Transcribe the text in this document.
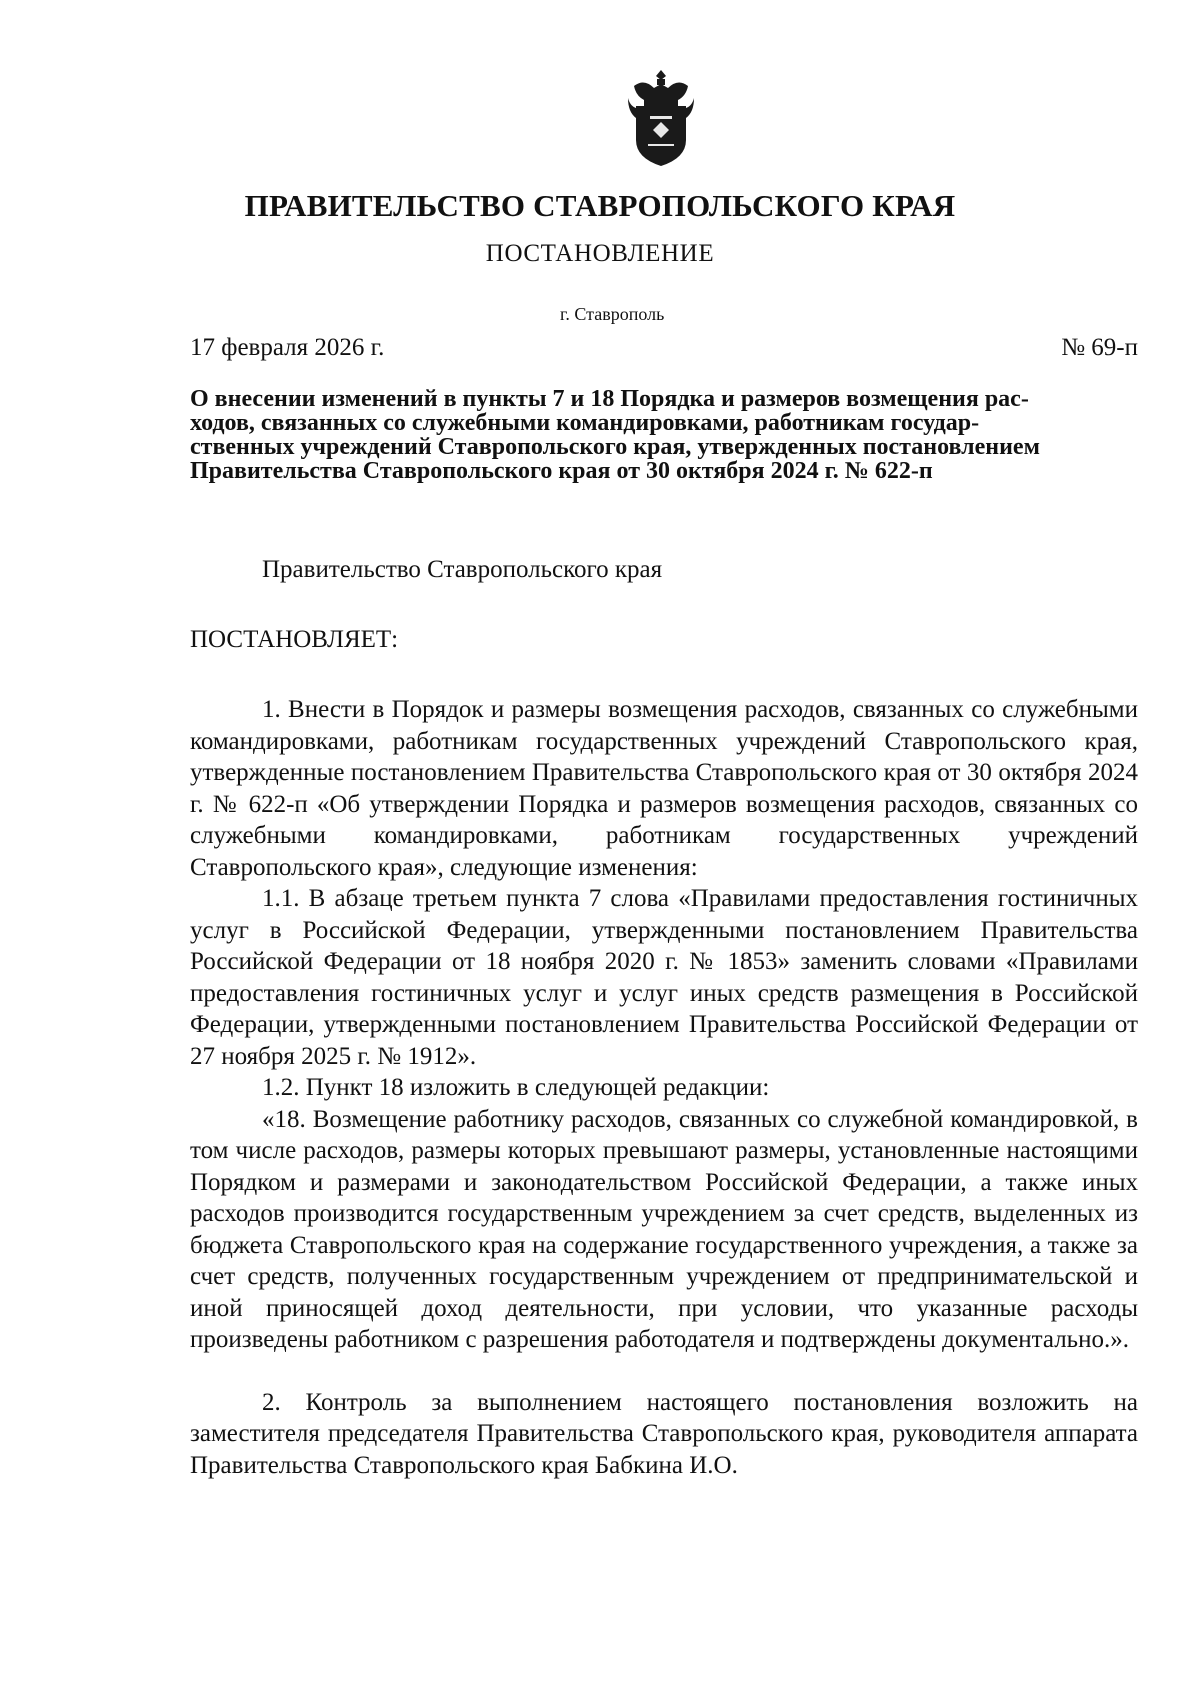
ПРАВИТЕЛЬСТВО СТАВРОПОЛЬСКОГО КРАЯ
ПОСТАНОВЛЕНИЕ
г. Ставрополь
17 февраля 2026 г.	№ 69-п
О внесении изменений в пункты 7 и 18 Порядка и размеров возмещения рас-
ходов, связанных со служебными командировками, работникам государ-
ственных учреждений Ставропольского края, утвержденных постановлением
Правительства Ставропольского края от 30 октября 2024 г. № 622-п
Правительство Ставропольского края
ПОСТАНОВЛЯЕТ:

1. Внести в Порядок и размеры возмещения расходов, связанных со служебными командировками, работникам государственных учреждений Ставропольского края, утвержденные постановлением Правительства Ставропольского края от 30 октября 2024 г. № 622-п «Об утверждении Порядка и размеров возмещения расходов, связанных со служебными командировками, работникам государственных учреждений Ставропольского края», следующие изменения:

1.1. В абзаце третьем пункта 7 слова «Правилами предоставления гостиничных услуг в Российской Федерации, утвержденными постановлением Правительства Российской Федерации от 18 ноября 2020 г. № 1853» заменить словами «Правилами предоставления гостиничных услуг и услуг иных средств размещения в Российской Федерации, утвержденными постановлением Правительства Российской Федерации от 27 ноября 2025 г. № 1912».

1.2. Пункт 18 изложить в следующей редакции:

«18. Возмещение работнику расходов, связанных со служебной командировкой, в том числе расходов, размеры которых превышают размеры, установленные настоящими Порядком и размерами и законодательством Российской Федерации, а также иных расходов производится государственным учреждением за счет средств, выделенных из бюджета Ставропольского края на содержание государственного учреждения, а также за счет средств, полученных государственным учреждением от предпринимательской и иной приносящей доход деятельности, при условии, что указанные расходы произведены работником с разрешения работодателя и подтверждены документально.».

2. Контроль за выполнением настоящего постановления возложить на заместителя председателя Правительства Ставропольского края, руководителя аппарата Правительства Ставропольского края Бабкина И.О.
